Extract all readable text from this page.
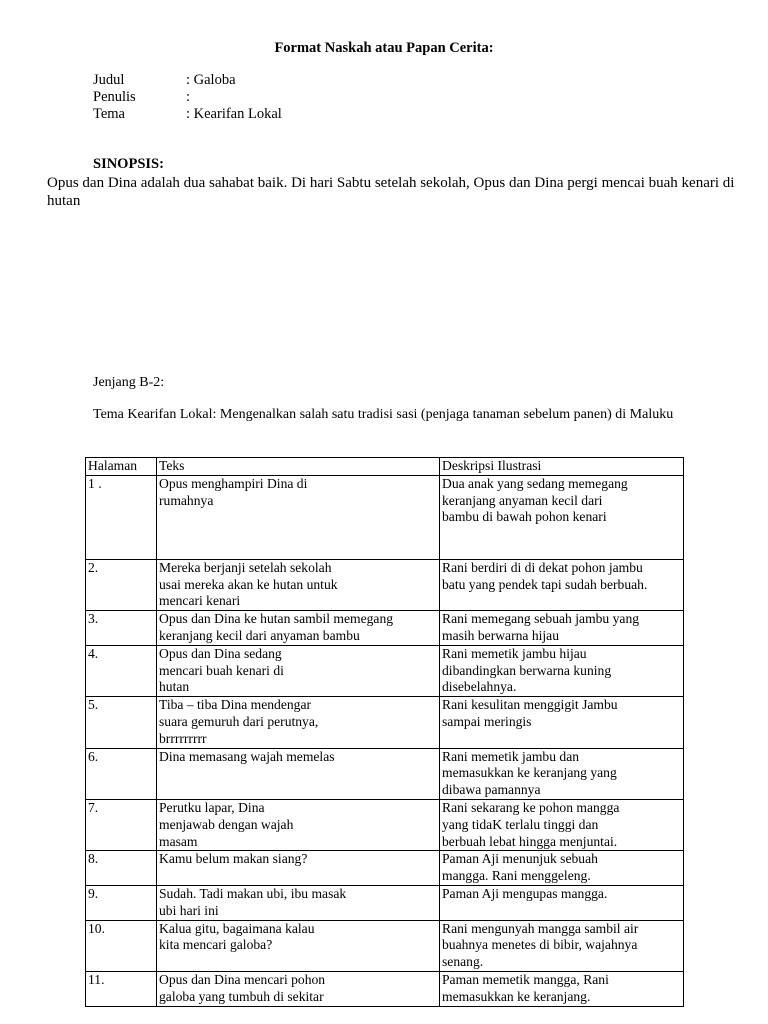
Format Naskah atau Papan Cerita:
Judul	: Galoba
Penulis	:
Tema	: Kearifan Lokal
SINOPSIS:
Opus dan Dina adalah dua sahabat baik. Di hari Sabtu setelah sekolah, Opus dan Dina pergi mencai buah kenari di hutan
Jenjang B-2:
Tema Kearifan Lokal: Mengenalkan salah satu tradisi sasi (penjaga tanaman sebelum panen) di Maluku
Halaman	Teks	Deskripsi Ilustrasi
1 .	Opus menghampiri Dina di
rumahnya	Dua anak yang sedang memegang
keranjang anyaman kecil dari
bambu di bawah pohon kenari
2.	Mereka berjanji setelah sekolah
usai mereka akan ke hutan untuk
mencari kenari	Rani berdiri di di dekat pohon jambu
batu yang pendek tapi sudah berbuah.
3.	Opus dan Dina ke hutan sambil memegang
keranjang kecil dari anyaman bambu	Rani memegang sebuah jambu yang
masih berwarna hijau
4.	Opus dan Dina sedang
mencari buah kenari di
hutan	Rani memetik jambu hijau
dibandingkan berwarna kuning
disebelahnya.
5.	Tiba – tiba Dina mendengar
suara gemuruh dari perutnya,
brrrrrrrrr	Rani kesulitan menggigit Jambu
sampai meringis
6.	Dina memasang wajah memelas	Rani memetik jambu dan
memasukkan ke keranjang yang
dibawa pamannya
7.	Perutku lapar, Dina
menjawab dengan wajah
masam	Rani sekarang ke pohon mangga
yang tidaK terlalu tinggi dan
berbuah lebat hingga menjuntai.
8.	Kamu belum makan siang?	Paman Aji menunjuk sebuah
mangga. Rani menggeleng.
9.	Sudah. Tadi makan ubi, ibu masak
ubi hari ini	Paman Aji mengupas mangga.
10.	Kalua gitu, bagaimana kalau
kita mencari galoba?	Rani mengunyah mangga sambil air
buahnya menetes di bibir, wajahnya
senang.
11.	Opus dan Dina mencari pohon
galoba yang tumbuh di sekitar	Paman memetik mangga, Rani
memasukkan ke keranjang.
